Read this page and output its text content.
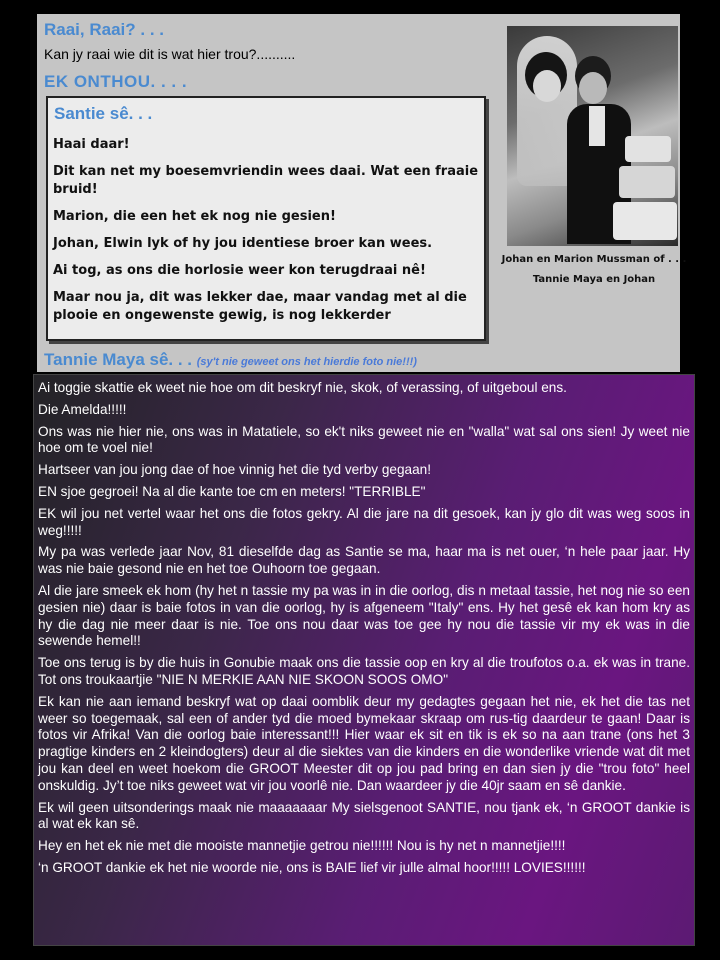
Raai, Raai? . . .
Kan jy raai wie dit is wat hier trou?..........
EK ONTHOU. . . .
Santie sê. . .

Haai daar!

Dit kan net my boesemvriendin wees daai. Wat een fraaie bruid!

Marion, die een het ek nog nie gesien!

Johan, Elwin lyk of hy jou identiese broer kan wees.

Ai tog, as ons die horlosie weer kon terugdraai nê!

Maar nou ja, dit was lekker dae, maar vandag met al die plooie en ongewenste gewig, is nog lekkerder

Johan en Marion Mussman of . . .
Tannie Maya en Johan
Tannie Maya sê. . . (sy't nie geweet ons het hierdie foto nie!!!)

Ai toggie skattie ek weet nie hoe om dit beskryf nie, skok, of verassing, of uitgeboul ens.

Die Amelda!!!!!

Ons was nie hier nie, ons was in Matatiele, so ek't niks geweet nie en "walla" wat sal ons sien! Jy weet nie hoe om te voel nie!

Hartseer van jou jong dae of hoe vinnig het die tyd verby gegaan!

EN sjoe gegroei! Na al die kante toe cm en meters! "TERRIBLE"

EK wil jou net vertel waar het ons die fotos gekry. Al die jare na dit gesoek, kan jy glo dit was weg soos in weg!!!!!

My pa was verlede jaar Nov, 81 dieselfde dag as Santie se ma, haar ma is net ouer, ‘n hele paar jaar. Hy was nie baie gesond nie en het toe Ouhoorn toe gegaan.

Al die jare smeek ek hom (hy het n tassie my pa was in in die oorlog, dis n metaal tassie, het nog nie so een gesien nie) daar is baie fotos in van die oorlog, hy is afgeneem "Italy" ens. Hy het gesê ek kan hom kry as hy die dag nie meer daar is nie. Toe ons nou daar was toe gee hy nou die tassie vir my ek was in die sewende hemel!!

Toe ons terug is by die huis in Gonubie maak ons die tassie oop en kry al die troufotos o.a. ek was in trane. Tot ons troukaartjie "NIE N MERKIE AAN NIE SKOON SOOS OMO"

Ek kan nie aan iemand beskryf wat op daai oomblik deur my gedagtes gegaan het nie, ek het die tas net weer so toegemaak, sal een of ander tyd die moed bymekaar skraap om rus-tig daardeur te gaan! Daar is fotos vir Afrika! Van die oorlog baie interessant!!! Hier waar ek sit en tik is ek so na aan trane (ons het 3 pragtige kinders en 2 kleindogters) deur al die siektes van die kinders en die wonderlike vriende wat dit met jou kan deel en weet hoekom die GROOT Meester dit op jou pad bring en dan sien jy die "trou foto" heel onskuldig. Jy’t toe niks geweet wat vir jou voorlê nie. Dan waardeer jy die 40jr saam en sê dankie.

Ek wil geen uitsonderings maak nie maaaaaaar My sielsgenoot SANTIE, nou tjank ek, ‘n GROOT dankie is al wat ek kan sê.

Hey en het ek nie met die mooiste mannetjie getrou nie!!!!!! Nou is hy net n mannetjie!!!!

‘n GROOT dankie ek het nie woorde nie, ons is BAIE lief vir julle almal hoor!!!!! LOVIES!!!!!!
